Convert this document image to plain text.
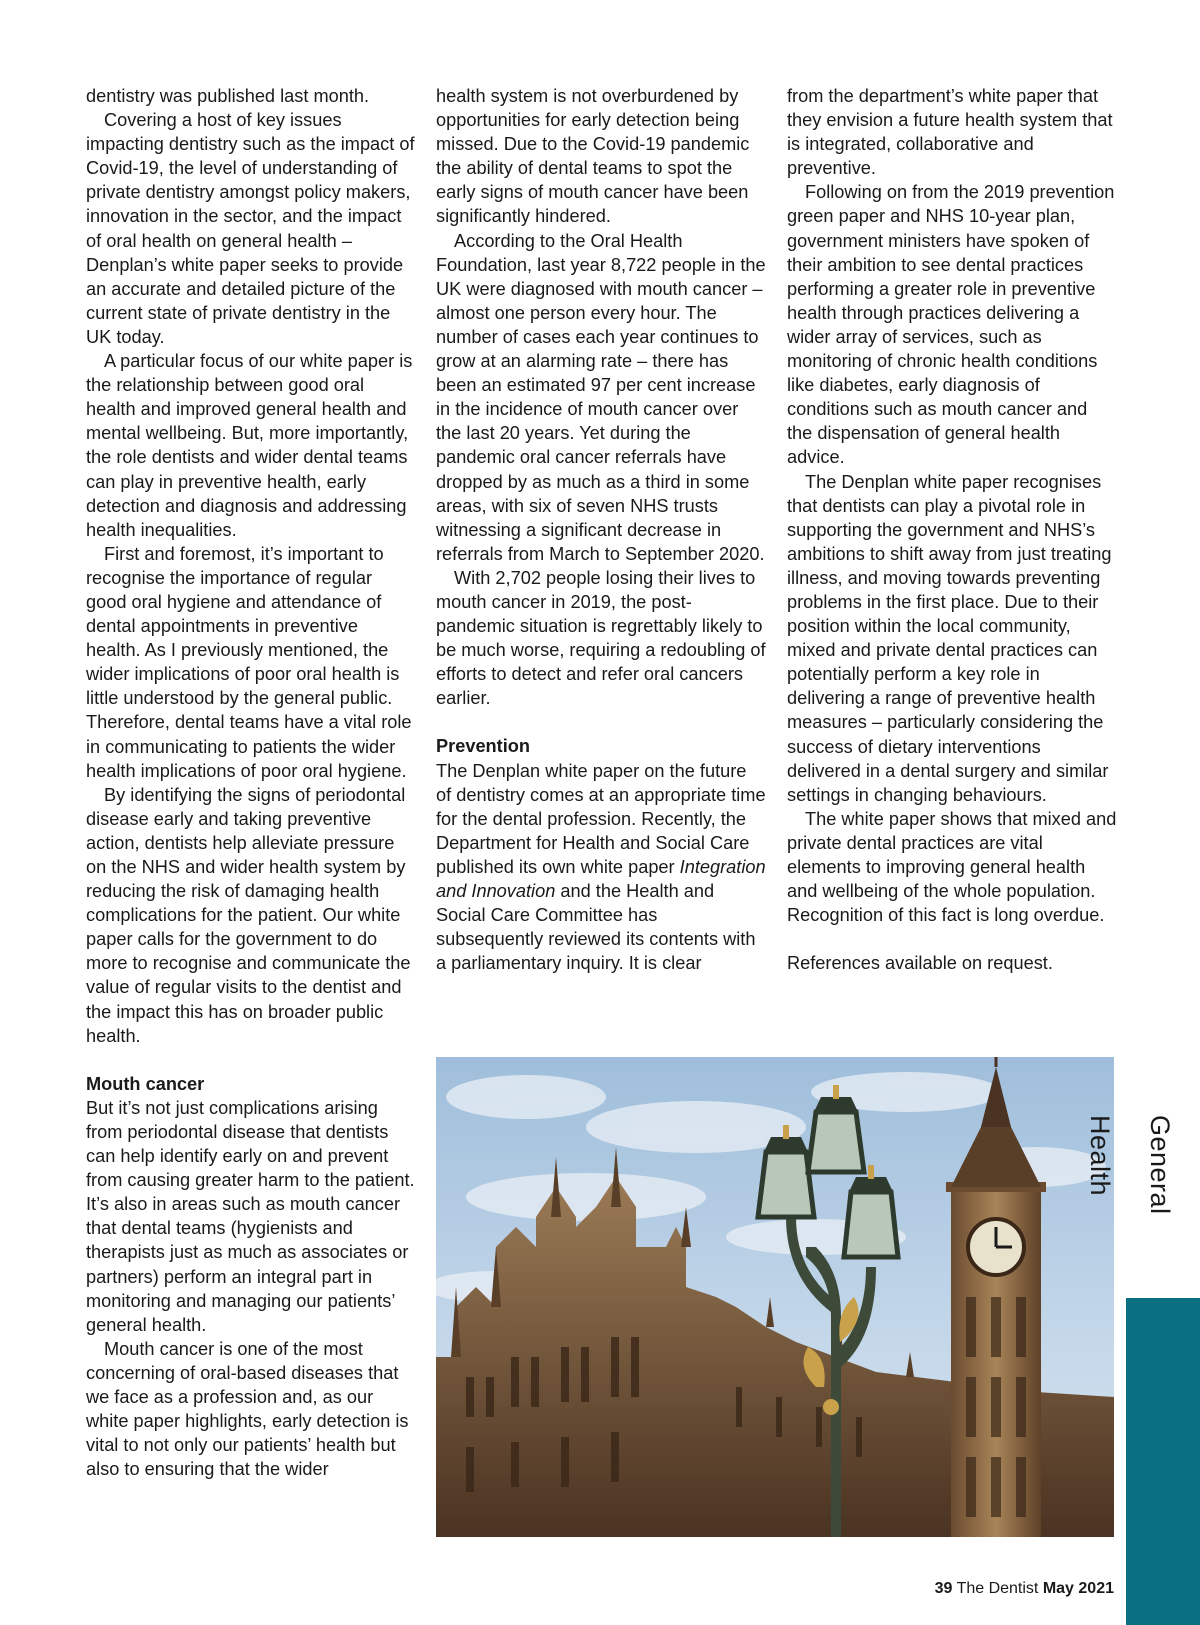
dentistry was published last month.

Covering a host of key issues impacting dentistry such as the impact of Covid-19, the level of understanding of private dentistry amongst policy makers, innovation in the sector, and the impact of oral health on general health – Denplan’s white paper seeks to provide an accurate and detailed picture of the current state of private dentistry in the UK today.

A particular focus of our white paper is the relationship between good oral health and improved general health and mental wellbeing. But, more importantly, the role dentists and wider dental teams can play in preventive health, early detection and diagnosis and addressing health inequalities.

First and foremost, it’s important to recognise the importance of regular good oral hygiene and attendance of dental appointments in preventive health. As I previously mentioned, the wider implications of poor oral health is little understood by the general public. Therefore, dental teams have a vital role in communicating to patients the wider health implications of poor oral hygiene.

By identifying the signs of periodontal disease early and taking preventive action, dentists help alleviate pressure on the NHS and wider health system by reducing the risk of damaging health complications for the patient. Our white paper calls for the government to do more to recognise and communicate the value of regular visits to the dentist and the impact this has on broader public health.

Mouth cancer

But it’s not just complications arising from periodontal disease that dentists can help identify early on and prevent from causing greater harm to the patient. It’s also in areas such as mouth cancer that dental teams (hygienists and therapists just as much as associates or partners) perform an integral part in monitoring and managing our patients’ general health.

Mouth cancer is one of the most concerning of oral-based diseases that we face as a profession and, as our white paper highlights, early detection is vital to not only our patients’ health but also to ensuring that the wider

health system is not overburdened by opportunities for early detection being missed. Due to the Covid-19 pandemic the ability of dental teams to spot the early signs of mouth cancer have been significantly hindered.

According to the Oral Health Foundation, last year 8,722 people in the UK were diagnosed with mouth cancer – almost one person every hour. The number of cases each year continues to grow at an alarming rate – there has been an estimated 97 per cent increase in the incidence of mouth cancer over the last 20 years. Yet during the pandemic oral cancer referrals have dropped by as much as a third in some areas, with six of seven NHS trusts witnessing a significant decrease in referrals from March to September 2020.

With 2,702 people losing their lives to mouth cancer in 2019, the post-pandemic situation is regrettably likely to be much worse, requiring a redoubling of efforts to detect and refer oral cancers earlier.

Prevention

The Denplan white paper on the future of dentistry comes at an appropriate time for the dental profession. Recently, the Department for Health and Social Care published its own white paper Integration and Innovation and the Health and Social Care Committee has subsequently reviewed its contents with a parliamentary inquiry. It is clear

from the department’s white paper that they envision a future health system that is integrated, collaborative and preventive.

Following on from the 2019 prevention green paper and NHS 10-year plan, government ministers have spoken of their ambition to see dental practices performing a greater role in preventive health through practices delivering a wider array of services, such as monitoring of chronic health conditions like diabetes, early diagnosis of conditions such as mouth cancer and the dispensation of general health advice.

The Denplan white paper recognises that dentists can play a pivotal role in supporting the government and NHS’s ambitions to shift away from just treating illness, and moving towards preventing problems in the first place. Due to their position within the local community, mixed and private dental practices can potentially perform a key role in delivering a range of preventive health measures – particularly considering the success of dietary interventions delivered in a dental surgery and similar settings in changing behaviours.

The white paper shows that mixed and private dental practices are vital elements to improving general health and wellbeing of the whole population. Recognition of this fact is long overdue.

References available on request.

General Health
39 The Dentist May 2021
